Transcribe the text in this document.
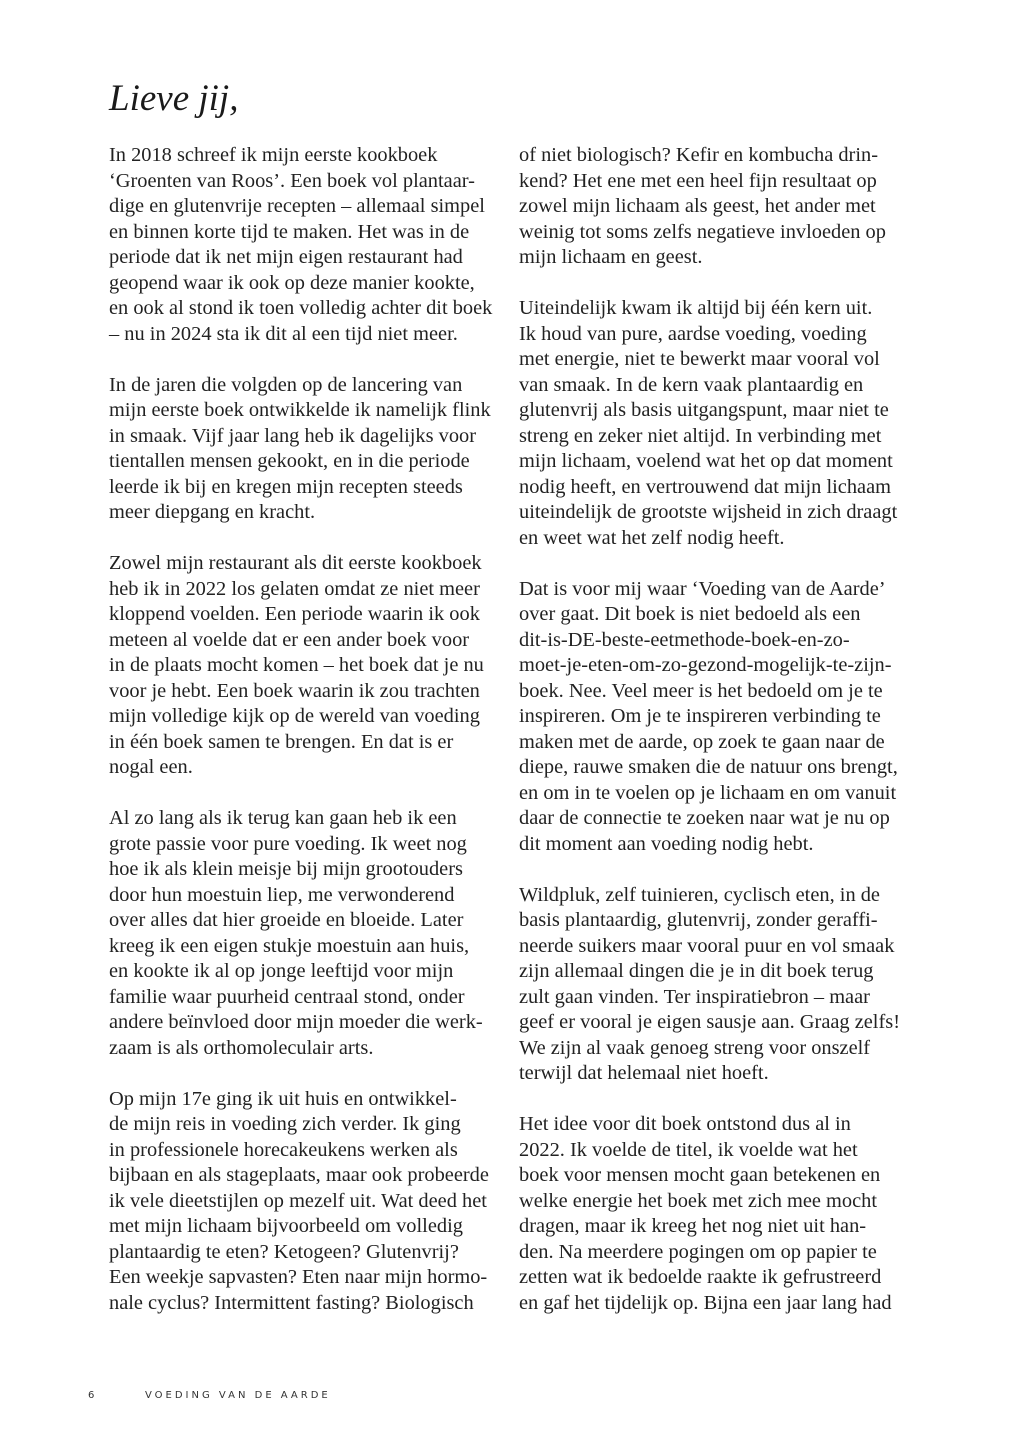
Lieve jij,
In 2018 schreef ik mijn eerste kookboek
‘Groenten van Roos’. Een boek vol plantaar-
dige en glutenvrije recepten – allemaal simpel
en binnen korte tijd te maken. Het was in de
periode dat ik net mijn eigen restaurant had
geopend waar ik ook op deze manier kookte,
en ook al stond ik toen volledig achter dit boek
– nu in 2024 sta ik dit al een tijd niet meer.
In de jaren die volgden op de lancering van
mijn eerste boek ontwikkelde ik namelijk flink
in smaak. Vijf jaar lang heb ik dagelijks voor
tientallen mensen gekookt, en in die periode
leerde ik bij en kregen mijn recepten steeds
meer diepgang en kracht.
Zowel mijn restaurant als dit eerste kookboek
heb ik in 2022 los gelaten omdat ze niet meer
kloppend voelden. Een periode waarin ik ook
meteen al voelde dat er een ander boek voor
in de plaats mocht komen – het boek dat je nu
voor je hebt. Een boek waarin ik zou trachten
mijn volledige kijk op de wereld van voeding
in één boek samen te brengen. En dat is er
nogal een.
Al zo lang als ik terug kan gaan heb ik een
grote passie voor pure voeding. Ik weet nog
hoe ik als klein meisje bij mijn grootouders
door hun moestuin liep, me verwonderend
over alles dat hier groeide en bloeide. Later
kreeg ik een eigen stukje moestuin aan huis,
en kookte ik al op jonge leeftijd voor mijn
familie waar puurheid centraal stond, onder
andere beïnvloed door mijn moeder die werk-
zaam is als orthomoleculair arts.
Op mijn 17e ging ik uit huis en ontwikkel-
de mijn reis in voeding zich verder. Ik ging
in professionele horecakeukens werken als
bijbaan en als stageplaats, maar ook probeerde
ik vele dieetstijlen op mezelf uit. Wat deed het
met mijn lichaam bijvoorbeeld om volledig
plantaardig te eten? Ketogeen? Glutenvrij?
Een weekje sapvasten? Eten naar mijn hormo-
nale cyclus? Intermittent fasting? Biologisch
of niet biologisch? Kefir en kombucha drin-
kend? Het ene met een heel fijn resultaat op
zowel mijn lichaam als geest, het ander met
weinig tot soms zelfs negatieve invloeden op
mijn lichaam en geest.
Uiteindelijk kwam ik altijd bij één kern uit.
Ik houd van pure, aardse voeding, voeding
met energie, niet te bewerkt maar vooral vol
van smaak. In de kern vaak plantaardig en
glutenvrij als basis uitgangspunt, maar niet te
streng en zeker niet altijd. In verbinding met
mijn lichaam, voelend wat het op dat moment
nodig heeft, en vertrouwend dat mijn lichaam
uiteindelijk de grootste wijsheid in zich draagt
en weet wat het zelf nodig heeft.
Dat is voor mij waar ‘Voeding van de Aarde’
over gaat. Dit boek is niet bedoeld als een
dit-is-DE-beste-eetmethode-boek-en-zo-
moet-je-eten-om-zo-gezond-mogelijk-te-zijn-
boek. Nee. Veel meer is het bedoeld om je te
inspireren. Om je te inspireren verbinding te
maken met de aarde, op zoek te gaan naar de
diepe, rauwe smaken die de natuur ons brengt,
en om in te voelen op je lichaam en om vanuit
daar de connectie te zoeken naar wat je nu op
dit moment aan voeding nodig hebt.
Wildpluk, zelf tuinieren, cyclisch eten, in de
basis plantaardig, glutenvrij, zonder geraffi-
neerde suikers maar vooral puur en vol smaak
zijn allemaal dingen die je in dit boek terug
zult gaan vinden. Ter inspiratiebron – maar
geef er vooral je eigen sausje aan. Graag zelfs!
We zijn al vaak genoeg streng voor onszelf
terwijl dat helemaal niet hoeft.
Het idee voor dit boek ontstond dus al in
2022. Ik voelde de titel, ik voelde wat het
boek voor mensen mocht gaan betekenen en
welke energie het boek met zich mee mocht
dragen, maar ik kreeg het nog niet uit han-
den. Na meerdere pogingen om op papier te
zetten wat ik bedoelde raakte ik gefrustreerd
en gaf het tijdelijk op. Bijna een jaar lang had
6	VOEDING VAN DE AARDE
